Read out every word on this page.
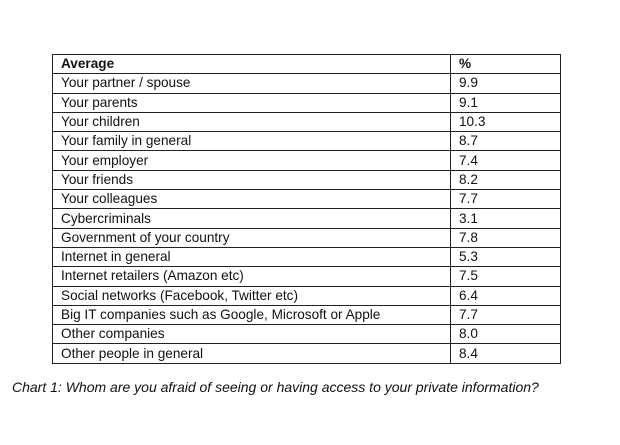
Average	%
Your partner / spouse	9.9
Your parents	9.1
Your children	10.3
Your family in general	8.7
Your employer	7.4
Your friends	8.2
Your colleagues	7.7
Cybercriminals	3.1
Government of your country	7.8
Internet in general	5.3
Internet retailers (Amazon etc)	7.5
Social networks (Facebook, Twitter etc)	6.4
Big IT companies such as Google, Microsoft or Apple	7.7
Other companies	8.0
Other people in general	8.4
Chart 1: Whom are you afraid of seeing or having access to your private information?
